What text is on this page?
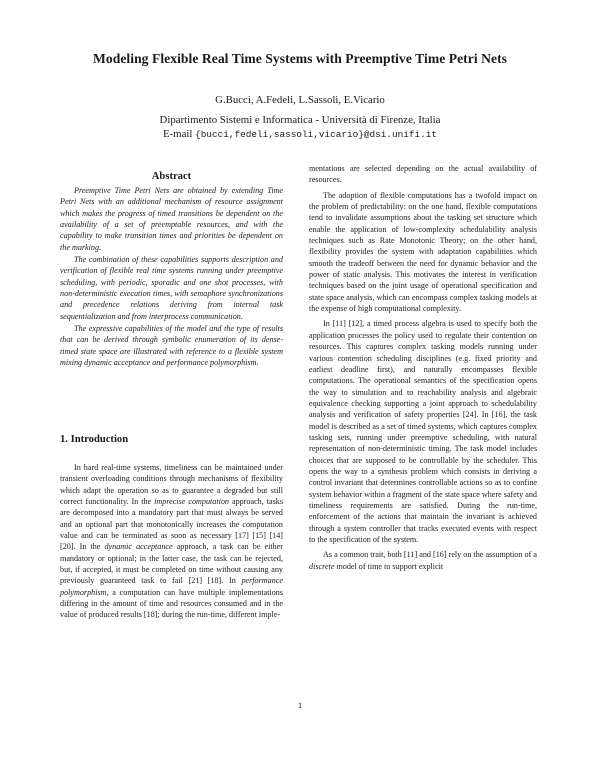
Modeling Flexible Real Time Systems with Preemptive Time Petri Nets
G.Bucci, A.Fedeli, L.Sassoli, E.Vicario
Dipartimento Sistemi e Informatica - Università di Firenze, Italia
E-mail {bucci,fedeli,sassoli,vicario}@dsi.unifi.it
Abstract

Preemptive Time Petri Nets are obtained by extending Time Petri Nets with an additional mechanism of resource assignment which makes the progress of timed transitions be dependent on the availability of a set of preemptable resources, and with the capability to make transition times and priorities be dependent on the marking.

The combination of these capabilities supports description and verification of flexible real time systems running under preemptive scheduling, with periodic, sporadic and one shot processes, with non-deterministic execution times, with semaphore synchronizations and precedence relations deriving from internal task sequentialization and from interprocess communication.

The expressive capabilities of the model and the type of results that can be derived through symbolic enumeration of its dense-timed state space are illustrated with reference to a flexible system mixing dynamic acceptance and performance polymorphism.

1. Introduction

In hard real-time systems, timeliness can be maintained under transient overloading conditions through mechanisms of flexibility which adapt the operation so as to guarantee a degraded but still correct functionality. In the imprecise computation approach, tasks are decomposed into a mandatory part that must always be served and an optional part that monotonically increases the computation value and can be terminated as soon as necessary [17] [15] [14] [20]. In the dynamic acceptance approach, a task can be either mandatory or optional; in the latter case, the task can be rejected, but, if accepted, it must be completed on time without causing any previously guaranteed task to fail [21] [18]. In performance polymorphism, a computation can have multiple implementations differing in the amount of time and resources consumed and in the value of produced results [18]; during the run-time, different imple-

mentations are selected depending on the actual availability of resources.

The adoption of flexible computations has a twofold impact on the problem of predictability: on the one hand, flexible computations tend to invalidate assumptions about the tasking set structure which enable the application of low-complexity schedulability analysis techniques such as Rate Monotonic Theory; on the other hand, flexibility provides the system with adaptation capabilities which smooth the tradeoff between the need for dynamic behavior and the power of static analysis. This motivates the interest in verification techniques based on the joint usage of operational specification and state space analysis, which can encompass complex tasking models at the expense of high computational complexity.

In [11] [12], a timed process algebra is used to specify both the application processes the policy used to regulate their contention on resources. This captures complex tasking models running under various contention scheduling disciplines (e.g. fixed priority and earliest deadline first), and naturally encompasses flexible computations. The operational semantics of the specification opens the way to simulation and to reachability analysis and algebraic equivalence checking supporting a joint approach to schedulability analysis and verification of safety properties [24]. In [16], the task model is described as a set of timed systems, which captures complex tasking sets, running under preemptive scheduling, with natural representation of non-deterministic timing. The task model includes choices that are supposed to be controllable by the scheduler. This opens the way to a synthesis problem which consists in deriving a control invariant that determines controllable actions so as to confine system behavior within a fragment of the state space where safety and timeliness requirements are satisfied. During the run-time, enforcement of the actions that maintain the invariant is achieved through a system controller that tracks executed events with respect to the specification of the system.

As a common trait, both [11] and [16] rely on the assumption of a discrete model of time to support explicit

1
